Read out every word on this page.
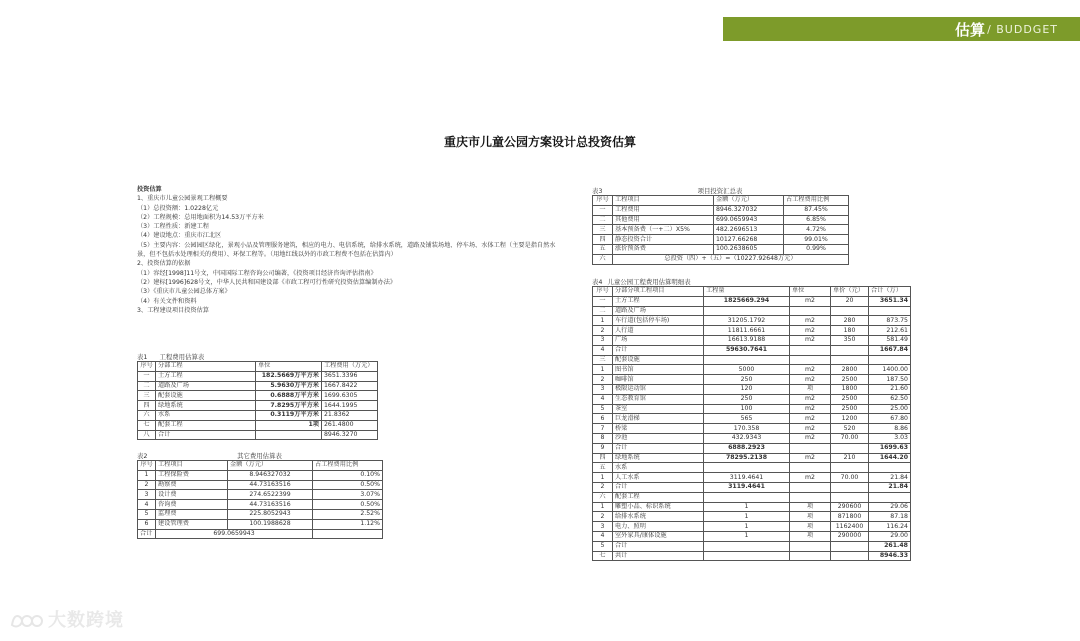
估算 / BUDDGET
重庆市儿童公园方案设计总投资估算
投资估算
1、重庆市儿童公园景观工程概要
（1）总投资额：1.0228亿元
（2）工程规模：总用地面积为14.53万平方米
（3）工程性质：新建工程
（4）建设地点：重庆市江北区
（5）主要内容：公园园区绿化，景观小品及管理服务建筑，相应的电力、电信系统，给排水系统，道路及铺装场地、停车场、水体工程（主要是指自然水景，但不包括水处理相关的费用）、环保工程等。（用地红线以外的市政工程费不包括在估算内）
2、投资估算的依据
（1）容经[1998]11号文，中国国际工程咨询公司编著，《投资项目经济咨询评估指南》
（2）建标[1996]628号文，中华人民共和国建设部《市政工程可行性研究投资估算编制办法》
（3）《重庆市儿童公园总体方案》
（4）有关文件和资料
3、工程建设项目投资估算
表1 工程费用估算表
序号	分部工程	单位	工程费用（万元）
一	土方工程	182.5669万平方米	3651.3396
二	道路及广场	5.9630万平方米	1667.8422
三	配套设施	0.6888万平方米	1699.6305
四	绿地系统	7.8295万平方米	1644.1995
六	水系	0.3119万平方米	21.8362
七	配套工程	1项	261.4800
八	合计		8946.3270
表2	其它费用估算表
序号	工程项目	金额（万元）	占工程费用比例
1	工程保险费	8.946327032	0.10%
2	勘察费	44.73163516	0.50%
3	设计费	274.6522399	3.07%
4	咨询费	44.73163516	0.50%
5	监理费	225.8052943	2.52%
6	建设管理费	100.1988628	1.12%
合计	699.0659943		
表3	项目投资汇总表
序号	工程项目	金额（万元）	占工程费用比例
一	工程费用	8946.327032	87.45%
二	其他费用	699.0659943	6.85%
三	基本预备费（一+二）X5%	482.2696513	4.72%
四	静态投资合计	10127.66268	99.01%
五	涨价预备费	100.2638605	0.99%
六	总投资（四）+（五）=（10227.92648万元）		
表4 儿童公园工程费用估算明细表
序号	分部分项工程项目	工程量	单位	单价（元）	合计（万）
一	土方工程	1825669.294	m2	20	3651.34
二	道路及广场				
1	车行道(包括停车场)	31205.1792	m2	280	873.75
2	人行道	11811.6661	m2	180	212.61
3	广场	16613.9188	m2	350	581.49
4	合计	59630.7641			1667.84
三	配套设施				
1	图书馆	5000	m2	2800	1400.00
2	咖啡馆	250	m2	2500	187.50
3	极限运动馆	120	项	1800	21.60
4	生态教育馆	250	m2	2500	62.50
5	茶室	100	m2	2500	25.00
6	巨龙滑梯	565	m2	1200	67.80
7	桥梁	170.358	m2	520	8.86
8	沙池	432.9343	m2	70.00	3.03
9	合计	6888.2923			1699.63
四	绿地系统	78295.2138	m2	210	1644.20
五	水系				
1	人工水系	3119.4641	m2	70.00	21.84
2	合计	3119.4641			21.84
六	配套工程				
1	雕塑小品、标识系统	1	项	290600	29.06
2	给排水系统	1	项	871800	87.18
3	电力、照明	1	项	1162400	116.24
4	室外家具/康体设施	1	项	290000	29.00
5	合计				261.48
七	共计				8946.33
大数跨境
